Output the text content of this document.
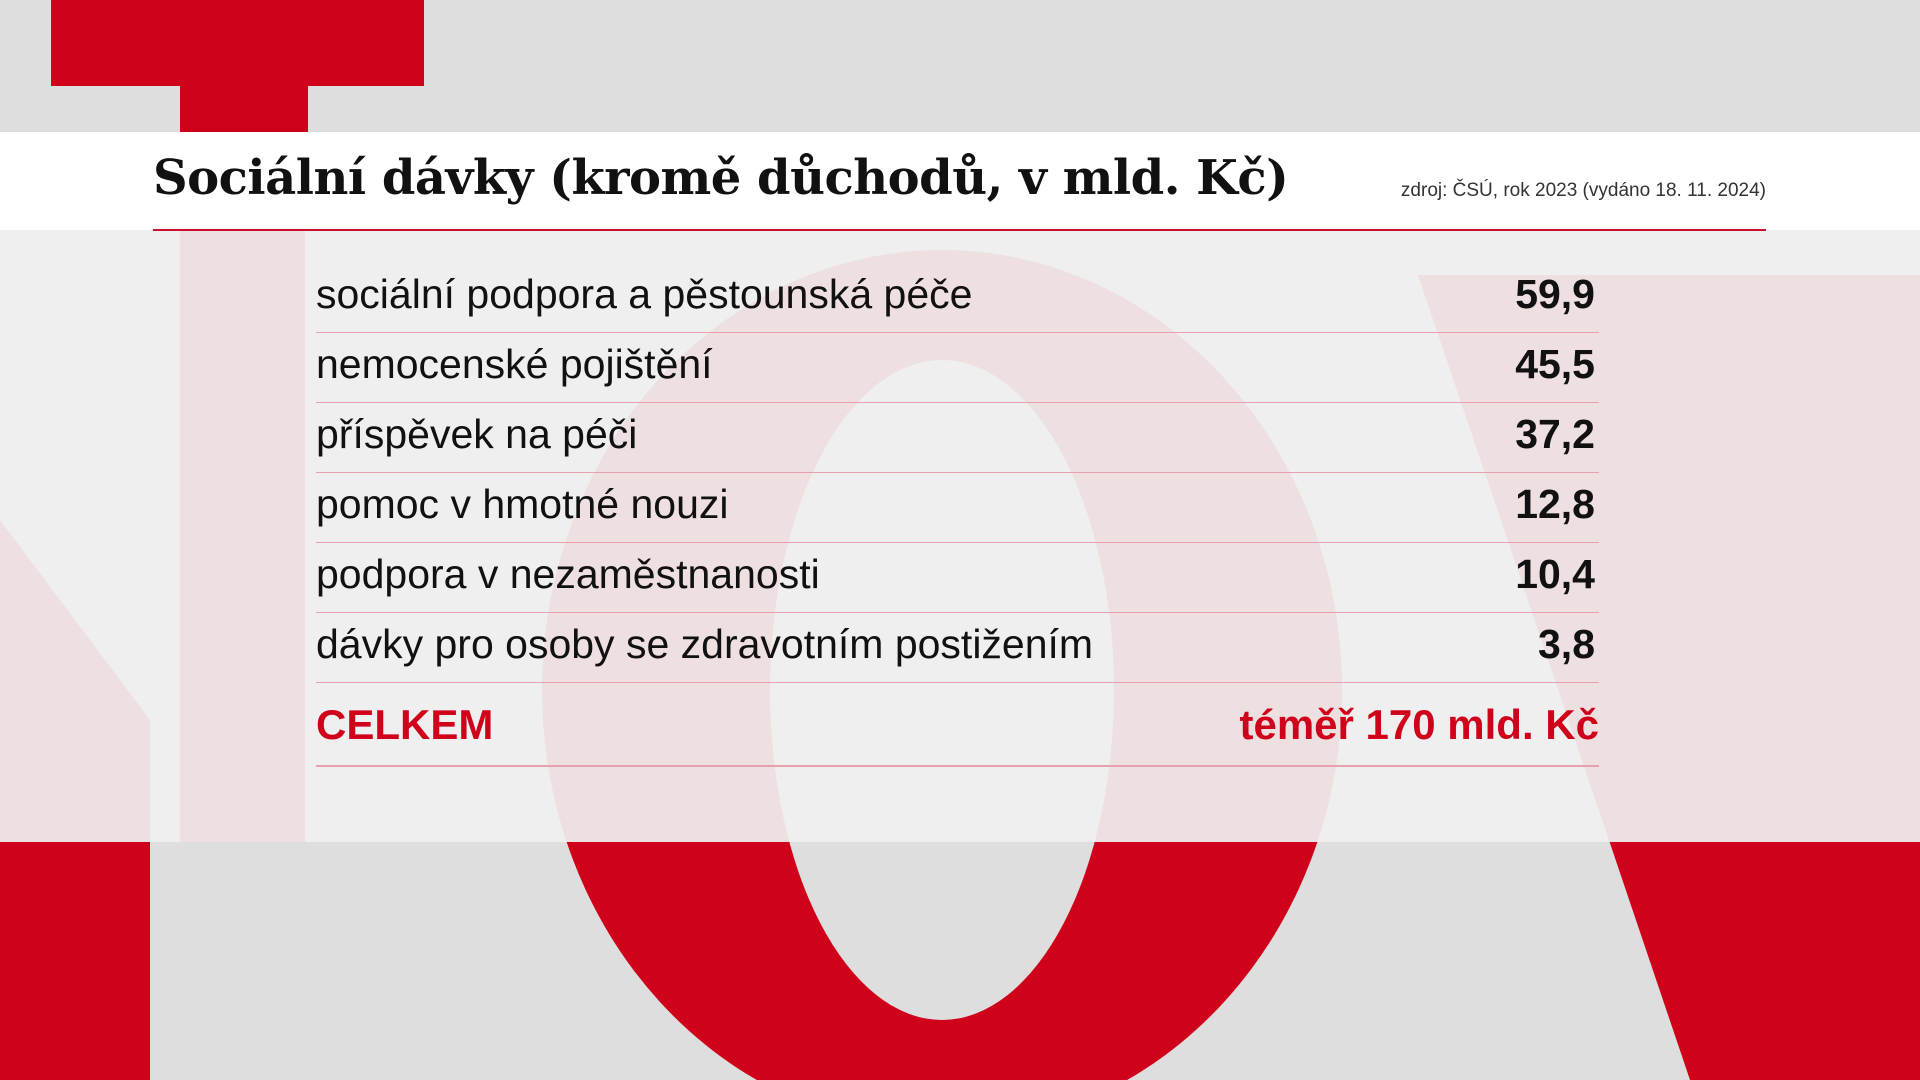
Sociální dávky (kromě důchodů, v mld. Kč)	zdroj: ČSÚ, rok 2023 (vydáno 18. 11. 2024)
sociální podpora a pěstounská péče	59,9
nemocenské pojištění	45,5
příspěvek na péči	37,2
pomoc v hmotné nouzi	12,8
podpora v nezaměstnanosti	10,4
dávky pro osoby se zdravotním postižením	3,8
CELKEM	téměř 170 mld. Kč
